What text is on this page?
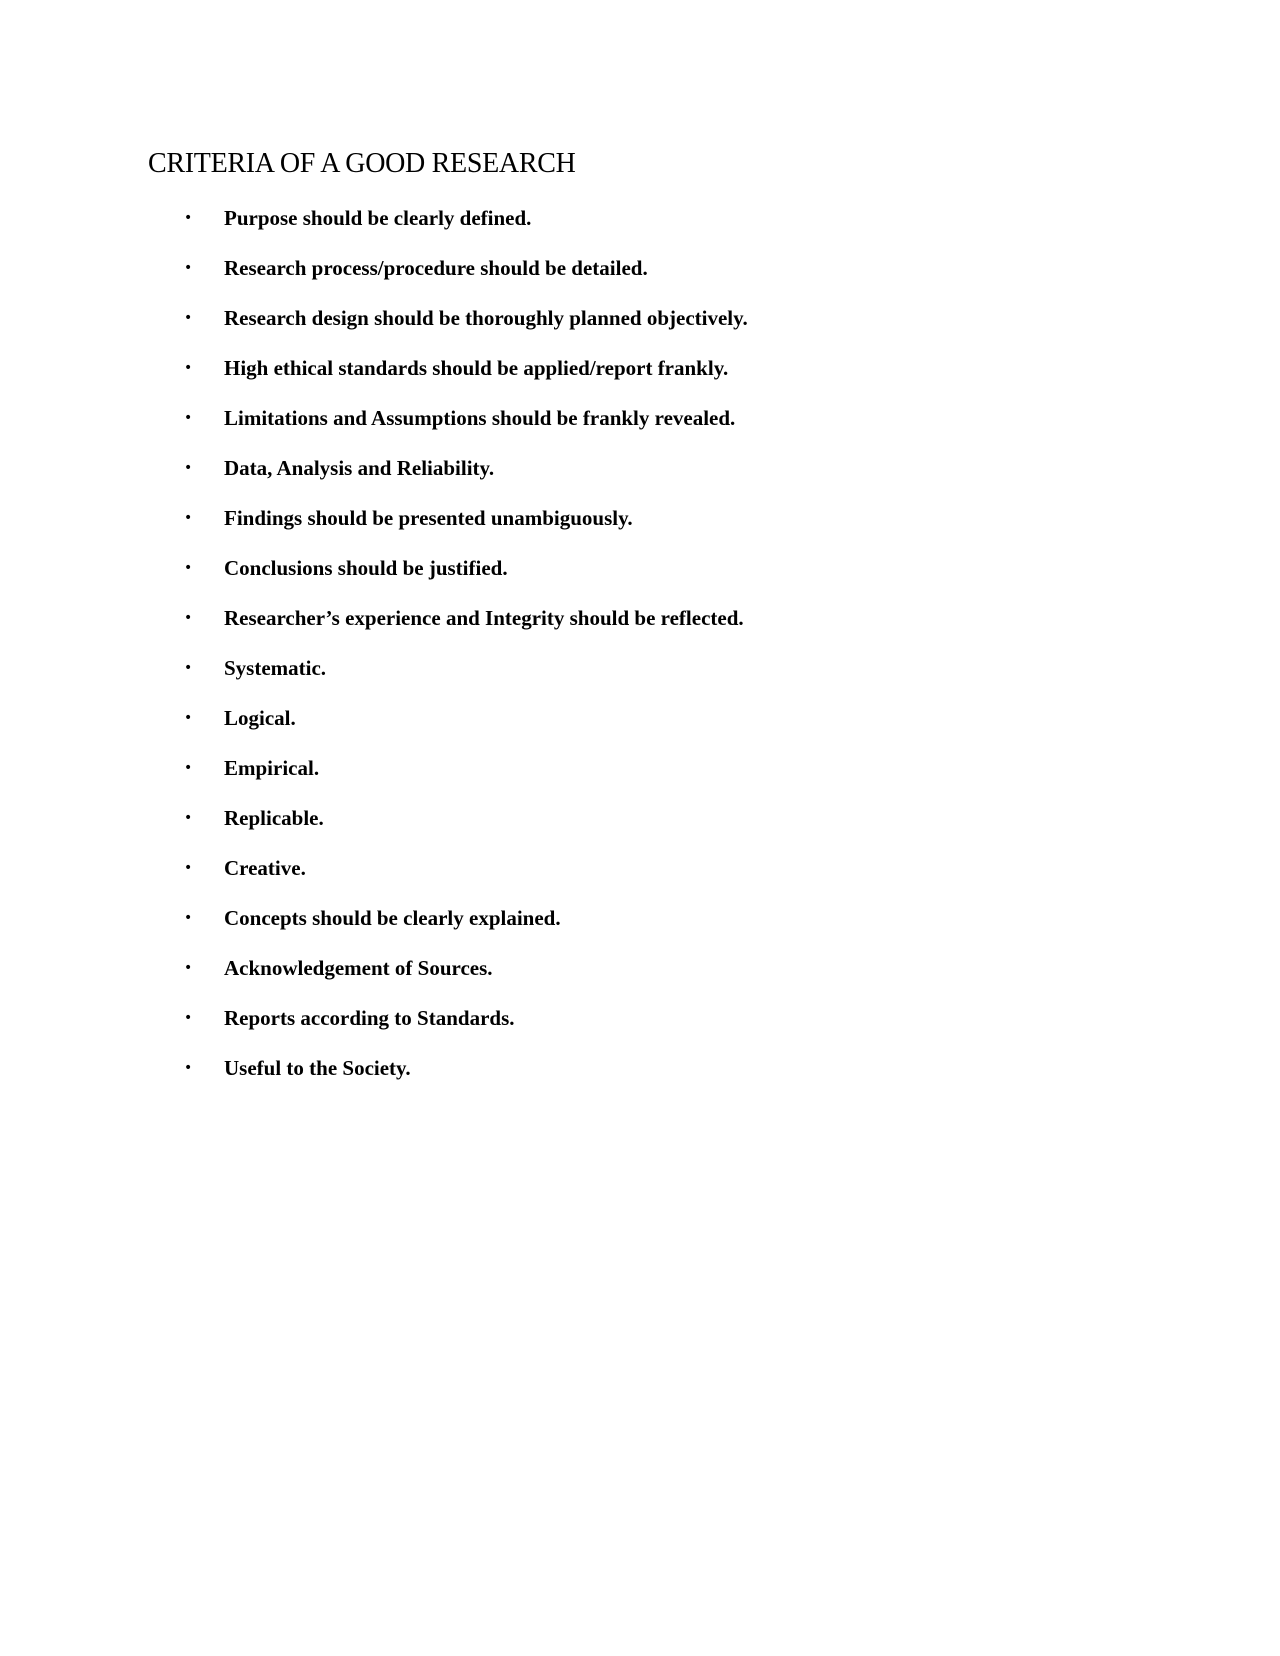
CRITERIA OF A GOOD RESEARCH
• Purpose should be clearly defined.
• Research process/procedure should be detailed.
• Research design should be thoroughly planned objectively.
• High ethical standards should be applied/report frankly.
• Limitations and Assumptions should be frankly revealed.
• Data, Analysis and Reliability.
• Findings should be presented unambiguously.
• Conclusions should be justified.
• Researcher’s experience and Integrity should be reflected.
• Systematic.
• Logical.
• Empirical.
• Replicable.
• Creative.
• Concepts should be clearly explained.
• Acknowledgement of Sources.
• Reports according to Standards.
• Useful to the Society.
